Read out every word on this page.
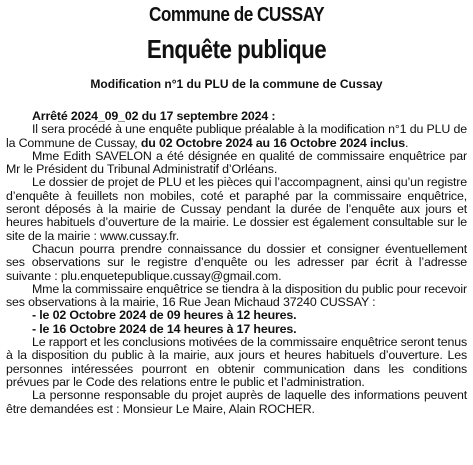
Commune de CUSSAY
Enquête publique
Modification n°1 du PLU de la commune de Cussay

Arrêté 2024_09_02 du 17 septembre 2024 :

Il sera procédé à une enquête publique préalable à la modification n°1 du PLU de la Commune de Cussay, du 02 Octobre 2024 au 16 Octobre 2024 inclus.

Mme Edith SAVELON a été désignée en qualité de commissaire enquêtrice par Mr le Président du Tribunal Administratif d’Orléans.

Le dossier de projet de PLU et les pièces qui l’accompagnent, ainsi qu’un registre d’enquête à feuillets non mobiles, coté et paraphé par la commissaire enquêtrice, seront déposés à la mairie de Cussay pendant la durée de l’enquête aux jours et heures habituels d’ouverture de la mairie. Le dossier est également consultable sur le site de la mairie : www.cussay.fr.

Chacun pourra prendre connaissance du dossier et consigner éventuellement ses observations sur le registre d’enquête ou les adresser par écrit à l’adresse suivante : plu.enquetepublique.cussay@gmail.com.

Mme la commissaire enquêtrice se tiendra à la disposition du public pour recevoir ses observations à la mairie, 16 Rue Jean Michaud 37240 CUSSAY :

- le 02 Octobre 2024 de 09 heures à 12 heures.

- le 16 Octobre 2024 de 14 heures à 17 heures.

Le rapport et les conclusions motivées de la commissaire enquêtrice seront tenus à la disposition du public à la mairie, aux jours et heures habituels d’ouverture. Les personnes intéressées pourront en obtenir communication dans les conditions prévues par le Code des relations entre le public et l’administration.

La personne responsable du projet auprès de laquelle des informations peuvent être demandées est : Monsieur Le Maire, Alain ROCHER.
